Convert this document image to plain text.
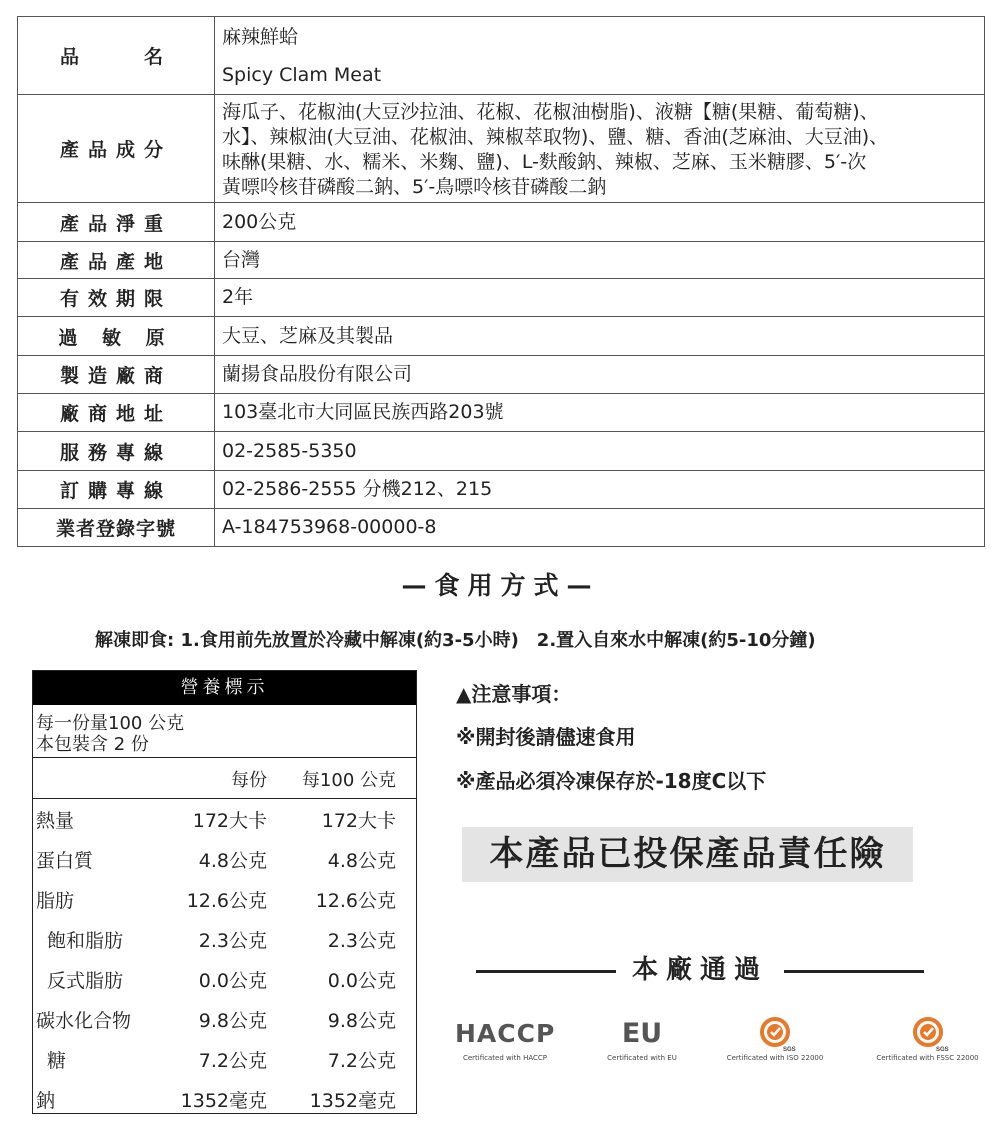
品　　名	麻辣鮮蛤
Spicy Clam Meat

產品成分	海瓜子、花椒油(大豆沙拉油、花椒、花椒油樹脂)、液糖【糖(果糖、葡萄糖)、
水】、辣椒油(大豆油、花椒油、辣椒萃取物)、鹽、糖、香油(芝麻油、大豆油)、
味醂(果糖、水、糯米、米麴、鹽)、L-麩酸鈉、辣椒、芝麻、玉米糖膠、5′-次
黃嘌呤核苷磷酸二鈉、5′-鳥嘌呤核苷磷酸二鈉

產品淨重	200公克
產品產地	台灣
有效期限	2年
過 敏 原	大豆、芝麻及其製品
製造廠商	蘭揚食品股份有限公司
廠商地址	103臺北市大同區民族西路203號
服務專線	02-2585-5350
訂購專線	02-2586-2555 分機212、215
業者登錄字號	A-184753968-00000-8
—食用方式—
解凍即食: 1.食用前先放置於冷藏中解凍(約3-5小時)　2.置入自來水中解凍(約5-10分鐘)
營養標示
每一份量100 公克
本包裝含 2 份
每份 每100 公克
熱量	172大卡	172大卡
蛋白質	4.8公克	4.8公克
脂肪	12.6公克	12.6公克
飽和脂肪	2.3公克	2.3公克
反式脂肪	0.0公克	0.0公克
碳水化合物	9.8公克	9.8公克
糖	7.2公克	7.2公克
鈉	1352毫克 1352毫克
▲注意事項：
※開封後請儘速食用
※產品必須冷凍保存於-18度C以下
本產品已投保產品責任險
本廠通過
HACCP
Certificated with HACCP
EU
Certificated with EU
SGS
Certificated with ISO 22000
SGS
Certificated with FSSC 22000
